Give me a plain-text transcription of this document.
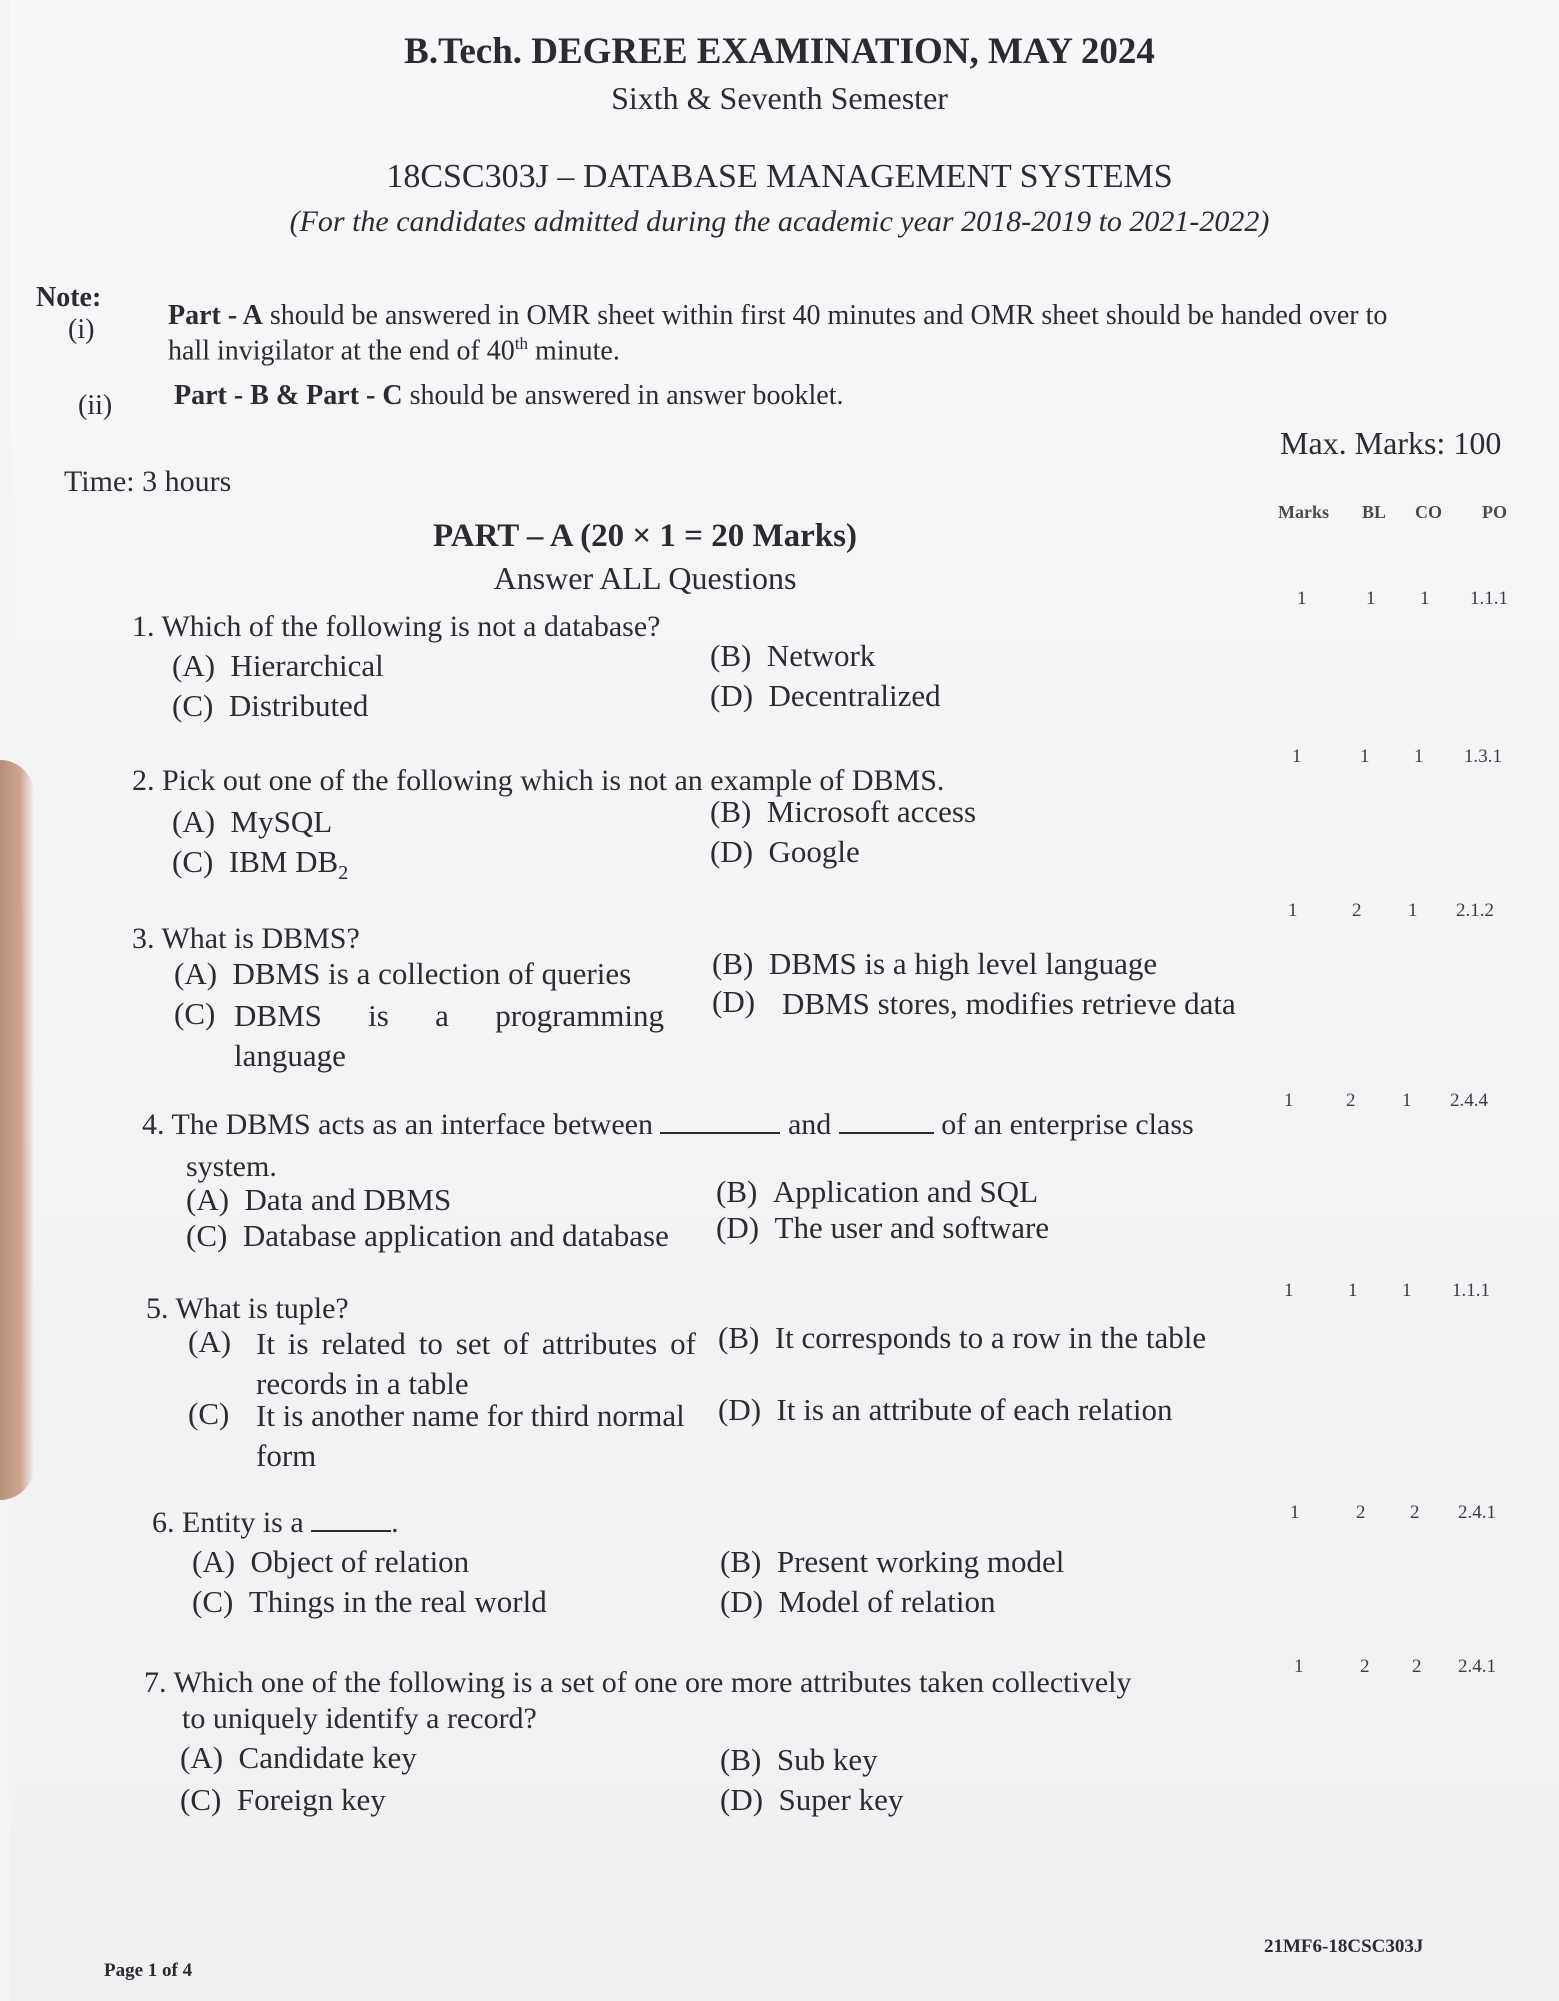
B.Tech. DEGREE EXAMINATION, MAY 2024
Sixth & Seventh Semester
18CSC303J – DATABASE MANAGEMENT SYSTEMS
(For the candidates admitted during the academic year 2018-2019 to 2021-2022)
Note:
(i)	Part - A should be answered in OMR sheet within first 40 minutes and OMR sheet should be handed over to
hall invigilator at the end of 40th minute.
(ii) Part - B & Part - C should be answered in answer booklet.
Max. Marks: 100
Time: 3 hours
Marks BL CO PO
PART – A (20 × 1 = 20 Marks)
Answer ALL Questions
1. Which of the following is not a database?
(A)  Hierarchical	(B)  Network
(C)  Distributed	(D)  Decentralized
1	1 1 1.1.1
2. Pick out one of the following which is not an example of DBMS.
(A)  MySQL	(B)  Microsoft access
(C)  IBM $DB_2$
(D)  Google
1	1 1 1.3.1
3. What is DBMS?
(A)  DBMS is a collection of queries	(B)  DBMS is a high level language
(C) DBMS is a programming language
(D) DBMS stores, modifies retrieve data
1	2 1 2.1.2
4. The DBMS acts as an interface between	and	of an enterprise class
system.
(A)  Data and DBMS	(B)  Application and SQL
(C)  Database application and database (D)  The user and software
1	2 1 2.4.4
5. What is tuple?
(A) It is related to set of attributes of records in a table
(B)  It corresponds to a row in the table
(C) It is another name for third normal form
(D)  It is an attribute of each relation
1	1 1 1.1.1
6. Entity is a	.
(A)  Object of relation	(B)  Present working model
(C)  Things in the real world	(D)  Model of relation
1	2 2 2.4.1
7. Which one of the following is a set of one ore more attributes taken collectively
to uniquely identify a record?
(A)  Candidate key	(B)  Sub key
(C)  Foreign key	(D)  Super key
1	2 2 2.4.1
21MF6-18CSC303J
Page 1 of 4
